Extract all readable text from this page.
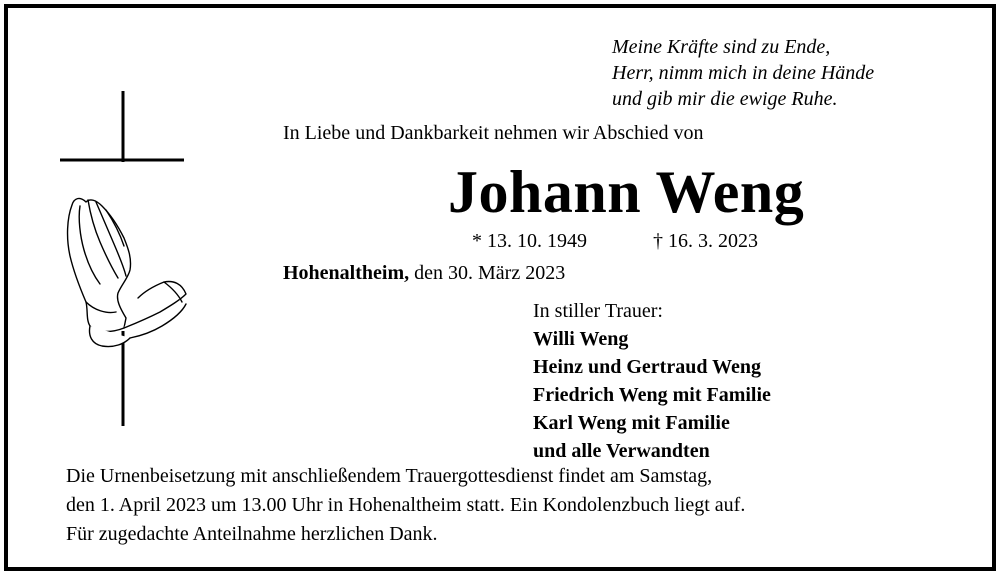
Meine Kräfte sind zu Ende,
Herr, nimm mich in deine Hände
und gib mir die ewige Ruhe.
In Liebe und Dankbarkeit nehmen wir Abschied von
Johann Weng
* 13. 10. 1949	† 16. 3. 2023
Hohenaltheim, den 30. März 2023
In stiller Trauer:
Willi Weng
Heinz und Gertraud Weng
Friedrich Weng mit Familie
Karl Weng mit Familie
und alle Verwandten
Die Urnenbeisetzung mit anschließendem Trauergottesdienst findet am Samstag,
den 1. April 2023 um 13.00 Uhr in Hohenaltheim statt. Ein Kondolenzbuch liegt auf.
Für zugedachte Anteilnahme herzlichen Dank.
